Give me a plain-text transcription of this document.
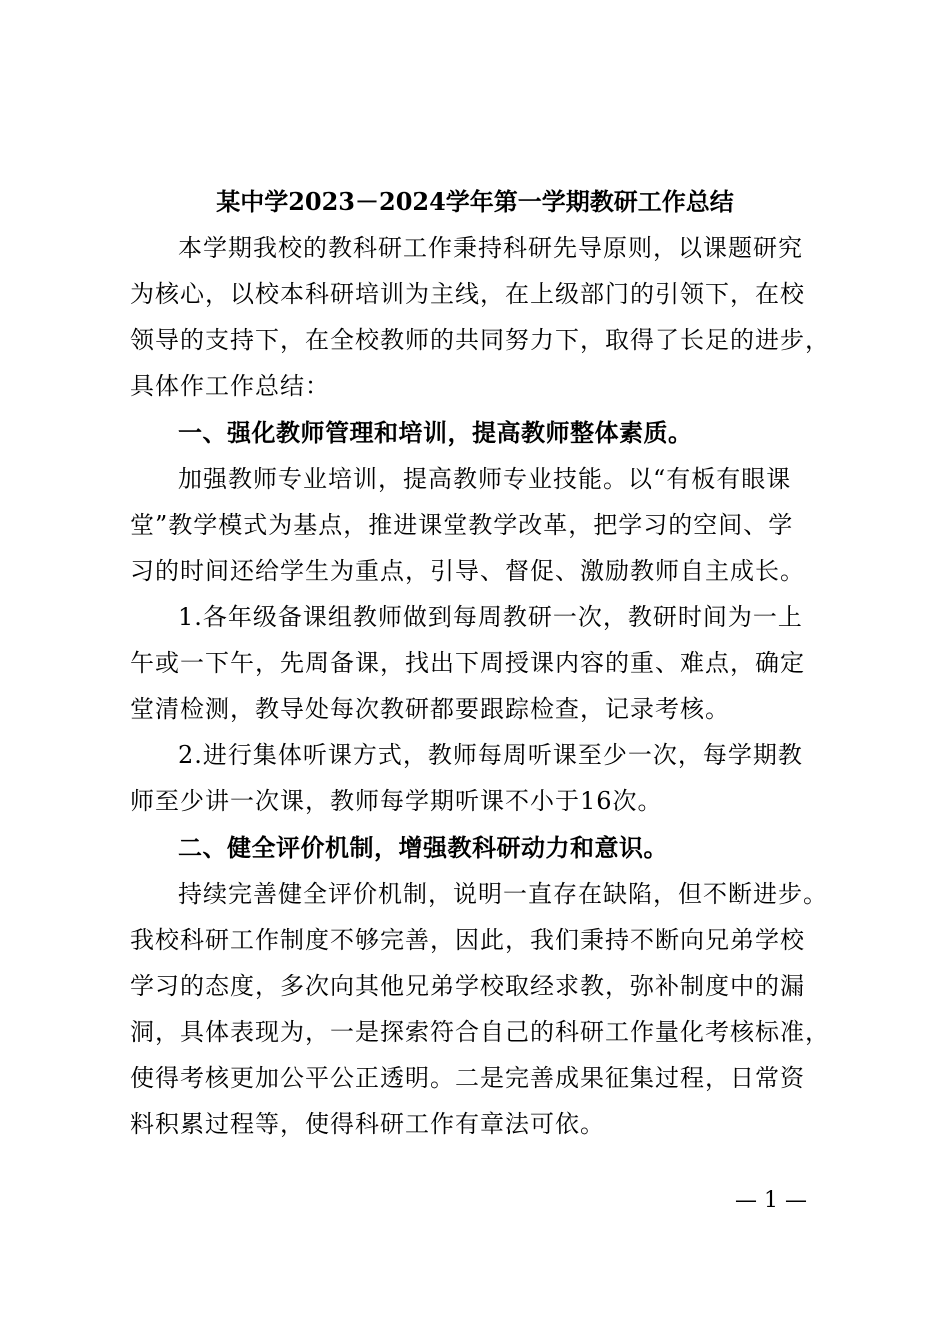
某中学2023－2024学年第一学期教研工作总结
本学期我校的教科研工作秉持科研先导原则，以课题研究
为核心，以校本科研培训为主线，在上级部门的引领下，在校
领导的支持下，在全校教师的共同努力下，取得了长足的进步，
具体作工作总结：
一、强化教师管理和培训，提高教师整体素质。
加强教师专业培训，提高教师专业技能。以“有板有眼课
堂”教学模式为基点，推进课堂教学改革，把学习的空间、学
习的时间还给学生为重点，引导、督促、激励教师自主成长。
1.各年级备课组教师做到每周教研一次，教研时间为一上
午或一下午，先周备课，找出下周授课内容的重、难点，确定
堂清检测，教导处每次教研都要跟踪检查，记录考核。
2.进行集体听课方式，教师每周听课至少一次，每学期教
师至少讲一次课，教师每学期听课不小于16次。
二、健全评价机制，增强教科研动力和意识。
持续完善健全评价机制，说明一直存在缺陷，但不断进步。
我校科研工作制度不够完善，因此，我们秉持不断向兄弟学校
学习的态度，多次向其他兄弟学校取经求教，弥补制度中的漏
洞，具体表现为，一是探索符合自己的科研工作量化考核标准，
使得考核更加公平公正透明。二是完善成果征集过程，日常资
料积累过程等，使得科研工作有章法可依。
— 1 —
